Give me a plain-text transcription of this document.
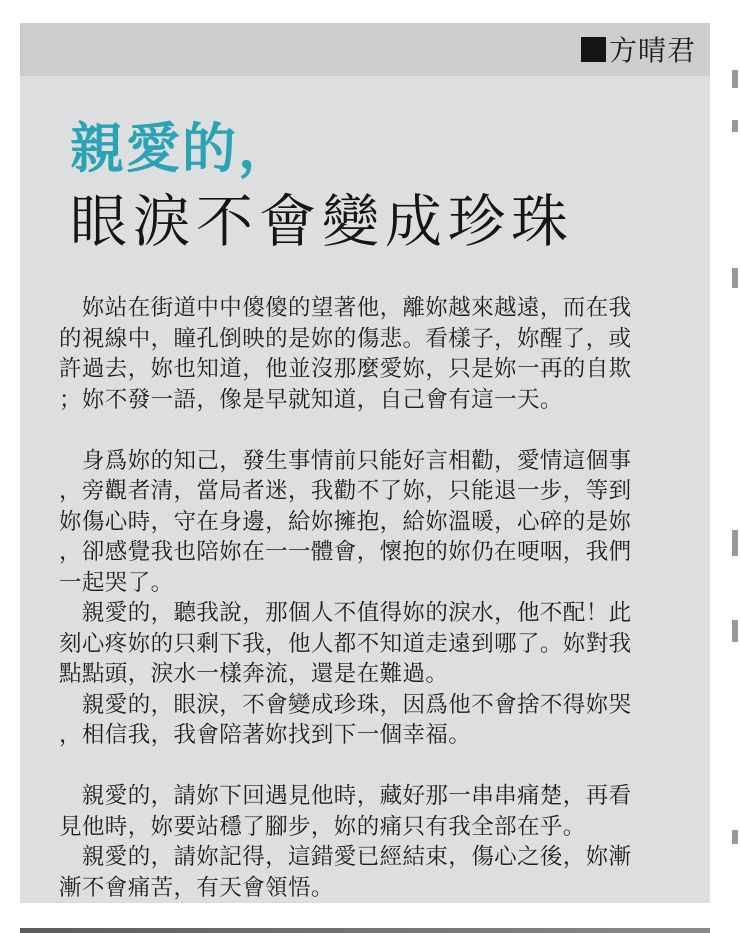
方晴君
親愛的，
眼淚不會變成珍珠
　妳站在街道中中傻傻的望著他，離妳越來越遠，而在我
的視線中，瞳孔倒映的是妳的傷悲。看樣子，妳醒了，或
許過去，妳也知道，他並沒那麼愛妳，只是妳一再的自欺
；妳不發一語，像是早就知道，自己會有這一天。
　身爲妳的知己，發生事情前只能好言相勸，愛情這個事
，旁觀者清，當局者迷，我勸不了妳，只能退一步，等到
妳傷心時，守在身邊，給妳擁抱，給妳溫暖，心碎的是妳
，卻感覺我也陪妳在一一體會，懷抱的妳仍在哽咽，我們
一起哭了。
　親愛的，聽我說，那個人不值得妳的淚水，他不配！此
刻心疼妳的只剩下我，他人都不知道走遠到哪了。妳對我
點點頭，淚水一樣奔流，還是在難過。
　親愛的，眼淚，不會變成珍珠，因爲他不會捨不得妳哭
，相信我，我會陪著妳找到下一個幸福。
　親愛的，請妳下回遇見他時，藏好那一串串痛楚，再看
見他時，妳要站穩了腳步，妳的痛只有我全部在乎。
　親愛的，請妳記得，這錯愛已經結束，傷心之後，妳漸
漸不會痛苦，有天會領悟。
